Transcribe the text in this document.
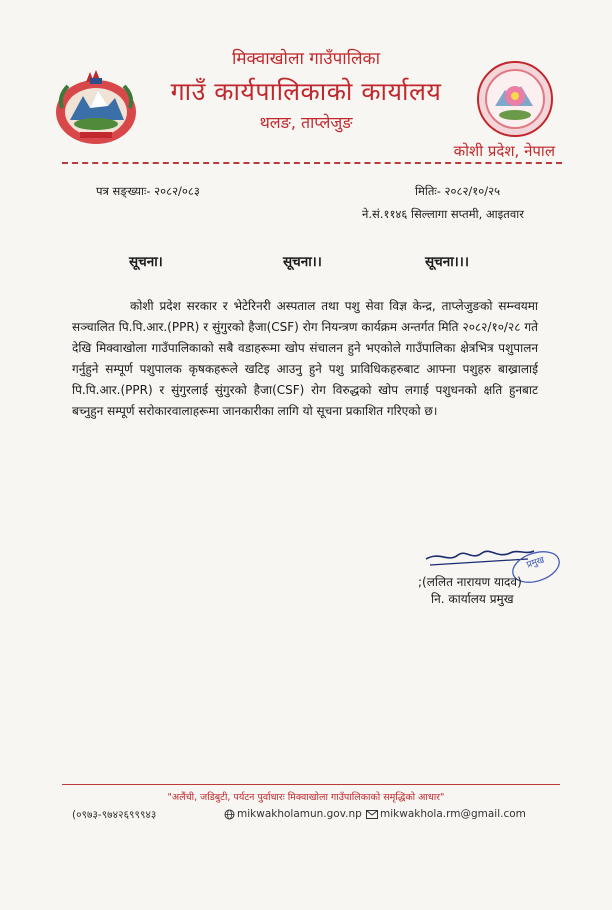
मिक्वाखोला गाउँपालिका
गाउँ कार्यपालिकाको कार्यालय
थलङ, ताप्लेजुङ
कोशी प्रदेश, नेपाल
पत्र सङ्ख्याः- २०८२/०८३	मितिः- २०८२/१०/२५
ने.सं.११४६ सिल्लागा सप्तमी, आइतवार
सूचना।	सूचना।।	सूचना।।।
कोशी प्रदेश सरकार र भेटेरिनरी अस्पताल तथा पशु सेवा विज्ञ केन्द्र, ताप्लेजुङको सम्न्वयमा सञ्चालित पि.पि.आर.(PPR) र सुंगुरको हैजा(CSF) रोग नियन्त्रण कार्यक्रम अन्तर्गत मिति २०८२/१०/२८ गते देखि मिक्वाखोला गाउँपालिकाको सबै वडाहरूमा खोप संचालन हुने भएकोले गाउँपालिका क्षेत्रभित्र पशुपालन गर्नुहुने सम्पूर्ण पशुपालक कृषकहरूले खटिइ आउनु हुने पशु प्राविधिकहरुबाट आफ्ना पशुहरु बाख्रालाई पि.पि.आर.(PPR) र सुंगुरलाई सुंगुरको हैजा(CSF) रोग विरुद्धको खोप लगाई पशुधनको क्षति हुनबाट बच्नुहुन सम्पूर्ण सरोकारवालाहरूमा जानकारीका लागि यो सूचना प्रकाशित गरिएको छ।
प्रमुख
;(ललित नारायण यादव)
नि. कार्यालय प्रमुख
"अलैंची, जडिबुटी, पर्यटन पुर्वाधारः मिक्वाखोला गाउँपालिकाको समृद्धिको आधार"
(०९७३-९७४२६९९९४३	mikwakholamun.gov.np	mikwakhola.rm@gmail.com
